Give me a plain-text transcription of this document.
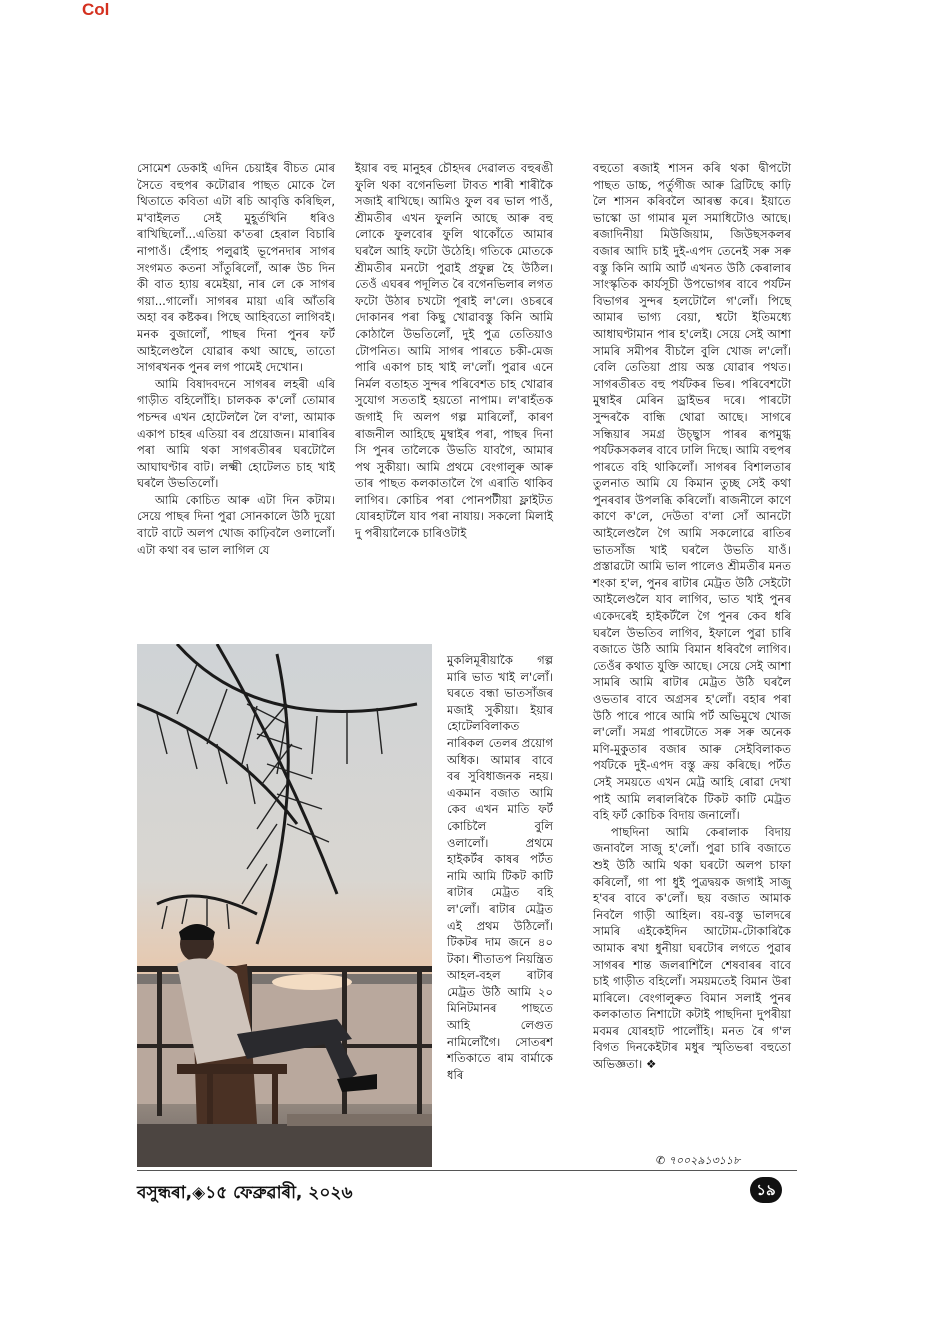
Col

সোমেশ ডেকাই এদিন চেয়াইৰ বীচত মোৰ সৈতে বহুপৰ কটোৱাৰ পাছত মোকে লৈ থিতাতে কবিতা এটা ৰচি আবৃত্তি কৰিছিল, ম'বাইলত সেই মুহূৰ্তখিনি ধৰিও ৰাখিছিলোঁ...এতিয়া ক'তৰা হেৰাল বিচাৰি নাপাওঁ। হেঁপাহ পলুৱাই ভূপেনদাৰ সাগৰ সংগমত কতনা সাঁতুৰিলোঁ, আৰু উচ দিন কী বাত হ্যায় ৰমেইয়া, নাৰ লে কে সাগৰ গয়া...গালোঁ। সাগৰৰ মায়া এৰি আঁতৰি অহা বৰ কষ্টকৰ। পিছে আহিবতো লাগিবই। মনক বুজালোঁ, পাছৰ দিনা পুনৰ ফৰ্ট আইলেণ্ডলৈ যোৱাৰ কথা আছে, তাতো সাগৰখনক পুনৰ লগ পামেই দেখোন।

আমি বিষাদবদনে সাগৰৰ লহৰী এৰি গাড়ীত বহিলোঁহি। চালকক ক'লোঁ তোমাৰ পচন্দৰ এখন হোটেললৈ লৈ ব'লা, আমাক একাপ চাহৰ এতিয়া বৰ প্ৰয়োজন। মাৰাৰিৰ পৰা আমি থকা সাগৰতীৰৰ ঘৰটোলৈ আঘাঘণ্টাৰ বাট। লক্ষ্মী হোটেলত চাহ খাই ঘৰলৈ উভতিলোঁ।

আমি কোচিত আৰু এটা দিন কটাম। সেয়ে পাছৰ দিনা পুৱা সোনকালে উঠি দুয়ো বাটে বাটে অলপ খোজ কাঢ়িবলৈ ওলালোঁ। এটা কথা বৰ ভাল লাগিল যে

ইয়াৰ বহু মানুহৰ চৌহদৰ দেৱালত বহুৰঙী ফুলি থকা বগেনভিলা টাবত শাৰী শাৰীকৈ সজাই ৰাখিছে। আমিও ফুল বৰ ভাল পাওঁ, শ্ৰীমতীৰ এখন ফুলনি আছে আৰু বহু লোকে ফুলবোৰ ফুলি থাকোঁতে আমাৰ ঘৰলৈ আহি ফটো উঠেহি। গতিকে মোতকে শ্ৰীমতীৰ মনটো পুৱাই প্ৰফুল্ল হৈ উঠিল। তেওঁ এঘৰৰ পদূলিত ৰৈ বগেনভিলাৰ লগত ফটো উঠাৰ চখটো পূৰাই ল'লে। ওচৰৰে দোকানৰ পৰা কিছু খোৱাবস্তু কিনি আমি কোঠালৈ উভতিলোঁ, দুই পুত্ৰ তেতিয়াও টোপনিত। আমি সাগৰ পাৰতে চকী-মেজ পাৰি একাপ চাহ খাই ল'লোঁ। পুৱাৰ এনে নিৰ্মল বতাহত সুন্দৰ পৰিবেশত চাহ খোৱাৰ সুযোগ সততাই হয়তো নাপাম। ল'ৰাহঁতক জগাই দি অলপ গল্প মাৰিলোঁ, কাৰণ ৰাজনীল আহিছে মুম্বাইৰ পৰা, পাছৰ দিনা সি পুনৰ তালৈকে উভতি যাবগৈ, আমাৰ পথ সুকীয়া। আমি প্ৰথমে বেংগালুৰু আৰু তাৰ পাছত কলকাতালৈ গৈ এৰাতি থাকিব লাগিব। কোচিৰ পৰা পোনপটীয়া ফ্লাইটত যোৰহাটলৈ যাব পৰা নাযায়। সকলো মিলাই দু পৰীয়ালৈকে চাৰিওটাই

মুকলিমূৰীয়াকৈ গল্প মাৰি ভাত খাই ল'লোঁ। ঘৰতে বন্ধা ভাতসাঁজৰ মজাই সুকীয়া। ইয়াৰ হোটেলবিলাকত নাৰিকল তেলৰ প্ৰয়োগ অধিক। আমাৰ বাবে বৰ সুবিধাজনক নহয়। একমান বজাত আমি কেব এখন মাতি ফৰ্ট কোচিলৈ বুলি ওলালোঁ। প্ৰথমে হাইকৰ্টৰ কাষৰ পৰ্টত নামি আমি টিকট কাটি ৰাটাৰ মেট্ৰত বহি ল'লোঁ। ৰাটাৰ মেট্ৰত এই প্ৰথম উঠিলোঁ। টিকটৰ দাম জনে ৪০ টকা। শীতাতপ নিয়ন্ত্ৰিত আহল-বহল ৰাটাৰ মেট্ৰত উঠি আমি ২০ মিনিটমানৰ পাছতে আহি লেগুত নামিলোঁগৈ। সোতৰশ শতিকাতে ৰাম বাৰ্মাকে ধৰি

বহুতো ৰজাই শাসন কৰি থকা দ্বীপটো পাছত ডাচ্চ, পৰ্তুগীজ আৰু ব্ৰিটিছে কাঢ়ি লৈ শাসন কৰিবলৈ আৰম্ভ কৰে। ইয়াতে ভাস্কো ডা গামাৰ মূল সমাধিটোও আছে। ৰজাদিনীয়া মিউজিয়াম, জিউছসকলৰ বজাৰ আদি চাই দুই-এপদ তেনেই সৰু সৰু বস্তু কিনি আমি আৰ্ট এখনত উঠি কেৰালাৰ সাংস্কৃতিক কাৰ্যসূচী উপভোগৰ বাবে পৰ্যটন বিভাগৰ সুন্দৰ হলটোলৈ গ'লোঁ। পিছে আমাৰ ভাগ্য বেয়া, শ্বটো ইতিমধ্যে আধাঘণ্টামান পাৰ হ'লেই। সেয়ে সেই আশা সামৰি সমীপৰ বীচলৈ বুলি খোজ ল'লোঁ। বেলি তেতিয়া প্ৰায় অস্ত যোৱাৰ পথত। সাগৰতীৰত বহু পৰ্যটকৰ ভিৰ। পৰিবেশটো মুম্বাইৰ মেৰিন ড্ৰাইভৰ দৰে। পাৰটো সুন্দৰকৈ বান্ধি থোৱা আছে। সাগৰে সন্ধিয়াৰ সমগ্ৰ উচ্ছ্বাস পাৰৰ ৰূপমুগ্ধ পৰ্যটকসকলৰ বাবে ঢালি দিছে। আমি বহুপৰ পাৰতে বহি থাকিলোঁ। সাগৰৰ বিশালতাৰ তুলনাত আমি যে কিমান তুচ্ছ সেই কথা পুনৰবাৰ উপলব্ধি কৰিলোঁ। ৰাজনীলে কাণে কাণে ক'লে, দেউতা ব'লা সোঁ আনটো আইলেণ্ডলৈ গৈ আমি সকলোৱে ৰাতিৰ ভাতসাঁজ খাই ঘৰলৈ উভতি যাওঁ। প্ৰস্তাৱটো আমি ভাল পালেও শ্ৰীমতীৰ মনত শংকা হ'ল, পুনৰ ৰাটাৰ মেট্ৰত উঠি সেইটো আইলেণ্ডলৈ যাব লাগিব, ভাত খাই পুনৰ একেদৰেই হাইকৰ্টলৈ গৈ পুনৰ কেব ধৰি ঘৰলৈ উভতিব লাগিব, ইফালে পুৱা চাৰি বজাতে উঠি আমি বিমান ধৰিবগৈ লাগিব। তেওঁৰ কথাত যুক্তি আছে। সেয়ে সেই আশা সামৰি আমি ৰাটাৰ মেট্ৰত উঠি ঘৰলৈ ওভতাৰ বাবে অগ্ৰসৰ হ'লোঁ। বহাৰ পৰা উঠি পাৰে পাৰে আমি পৰ্ট অভিমুখে খোজ ল'লোঁ। সমগ্ৰ পাৰটোতে সৰু সৰু অনেক মণি-মুকুতাৰ বজাৰ আৰু সেইবিলাকত পৰ্যটকে দুই-এপদ বস্তু ক্ৰয় কৰিছে। পৰ্টত সেই সময়তে এখন মেট্ৰ আহি ৰোৱা দেখা পাই আমি লৰালৰিকৈ টিকট কাটি মেট্ৰত বহি ফৰ্ট কোচিক বিদায় জনালোঁ।

পাছদিনা আমি কেৰালাক বিদায় জনাবলৈ সাজু হ'লোঁ। পুৱা চাৰি বজাতে শুই উঠি আমি থকা ঘৰটো অলপ চাফা কৰিলোঁ, গা পা ধুই পুত্ৰদ্বয়ক জগাই সাজু হ'বৰ বাবে ক'লোঁ। ছয় বজাত আমাক নিবলৈ গাড়ী আহিল। বয়-বস্তু ভালদৰে সামৰি এইকেইদিন আটোম-টোকাৰিকৈ আমাক ৰখা ধুনীয়া ঘৰটোৰ লগতে পুৱাৰ সাগৰৰ শান্ত জলৰাশিলৈ শেষবাৰৰ বাবে চাই গাড়ীত বহিলোঁ। সময়মতেই বিমান উৰা মাৰিলে। বেংগালুৰুত বিমান সলাই পুনৰ কলকাতাত নিশাটো কটাই পাছদিনা দুপৰীয়া মবমৰ যোৰহাট পালোঁহি। মনত ৰৈ গ'ল বিগত দিনকেইটাৰ মধুৰ স্মৃতিভৰা বহুতো অভিজ্ঞতা। ❖

✆ ৭০০২৯১৩১১৮
বসুন্ধৰা,◈১৫ ফেব্ৰুৱাৰী, ২০২৬	১৯
